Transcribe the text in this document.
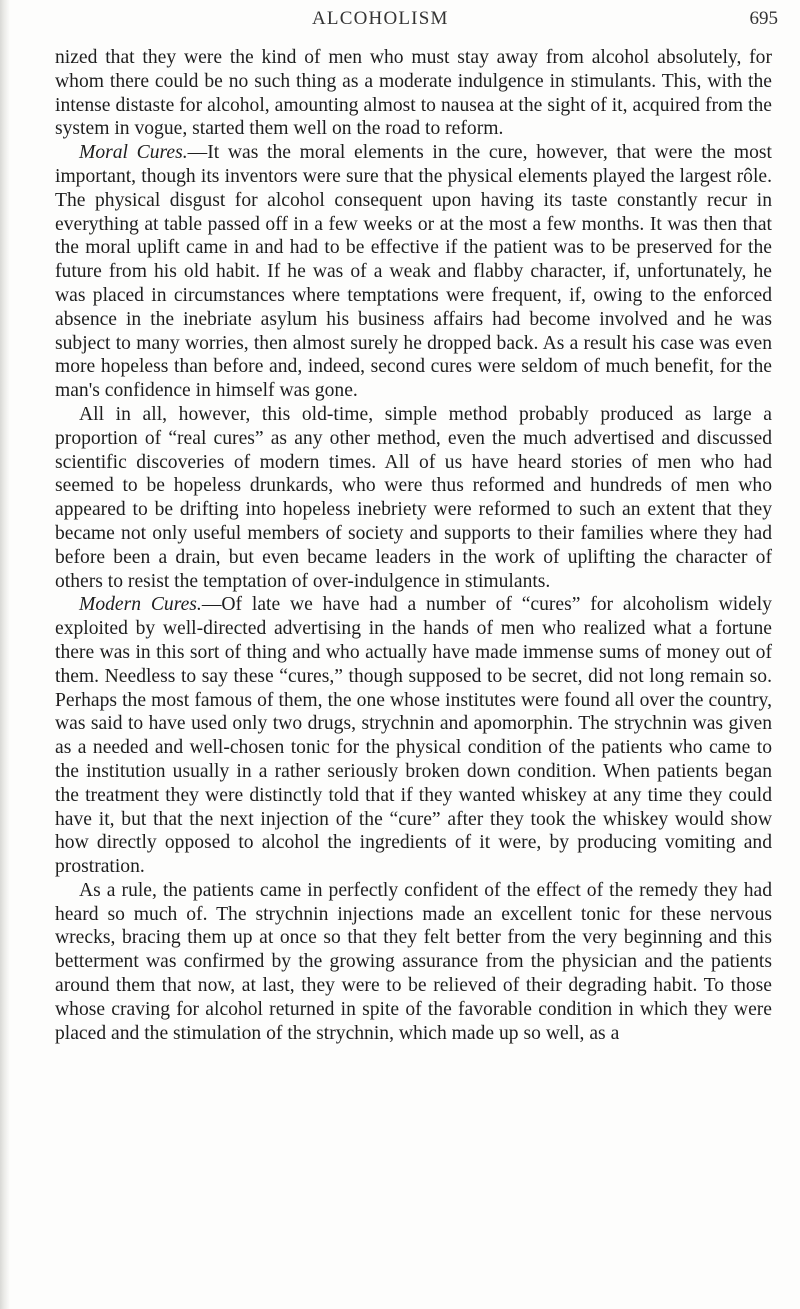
ALCOHOLISM	695

nized that they were the kind of men who must stay away from alcohol absolutely, for whom there could be no such thing as a moderate indulgence in stimulants. This, with the intense distaste for alcohol, amounting almost to nausea at the sight of it, acquired from the system in vogue, started them well on the road to reform.

Moral Cures.—It was the moral elements in the cure, however, that were the most important, though its inventors were sure that the physical elements played the largest rôle. The physical disgust for alcohol consequent upon having its taste constantly recur in everything at table passed off in a few weeks or at the most a few months. It was then that the moral uplift came in and had to be effective if the patient was to be preserved for the future from his old habit. If he was of a weak and flabby character, if, unfortunately, he was placed in circumstances where temptations were frequent, if, owing to the enforced absence in the inebriate asylum his business affairs had become involved and he was subject to many worries, then almost surely he dropped back. As a result his case was even more hopeless than before and, indeed, second cures were seldom of much benefit, for the man's confidence in himself was gone.

All in all, however, this old-time, simple method probably produced as large a proportion of “real cures” as any other method, even the much advertised and discussed scientific discoveries of modern times. All of us have heard stories of men who had seemed to be hopeless drunkards, who were thus reformed and hundreds of men who appeared to be drifting into hopeless inebriety were reformed to such an extent that they became not only useful members of society and supports to their families where they had before been a drain, but even became leaders in the work of uplifting the character of others to resist the temptation of over-indulgence in stimulants.

Modern Cures.—Of late we have had a number of “cures” for alcoholism widely exploited by well-directed advertising in the hands of men who realized what a fortune there was in this sort of thing and who actually have made immense sums of money out of them. Needless to say these “cures,” though supposed to be secret, did not long remain so. Perhaps the most famous of them, the one whose institutes were found all over the country, was said to have used only two drugs, strychnin and apomorphin. The strychnin was given as a needed and well-chosen tonic for the physical condition of the patients who came to the institution usually in a rather seriously broken down condition. When patients began the treatment they were distinctly told that if they wanted whiskey at any time they could have it, but that the next injection of the “cure” after they took the whiskey would show how directly opposed to alcohol the ingredients of it were, by producing vomiting and prostration.

As a rule, the patients came in perfectly confident of the effect of the remedy they had heard so much of. The strychnin injections made an excellent tonic for these nervous wrecks, bracing them up at once so that they felt better from the very beginning and this betterment was confirmed by the growing assurance from the physician and the patients around them that now, at last, they were to be relieved of their degrading habit. To those whose craving for alcohol returned in spite of the favorable condition in which they were placed and the stimulation of the strychnin, which made up so well, as a
